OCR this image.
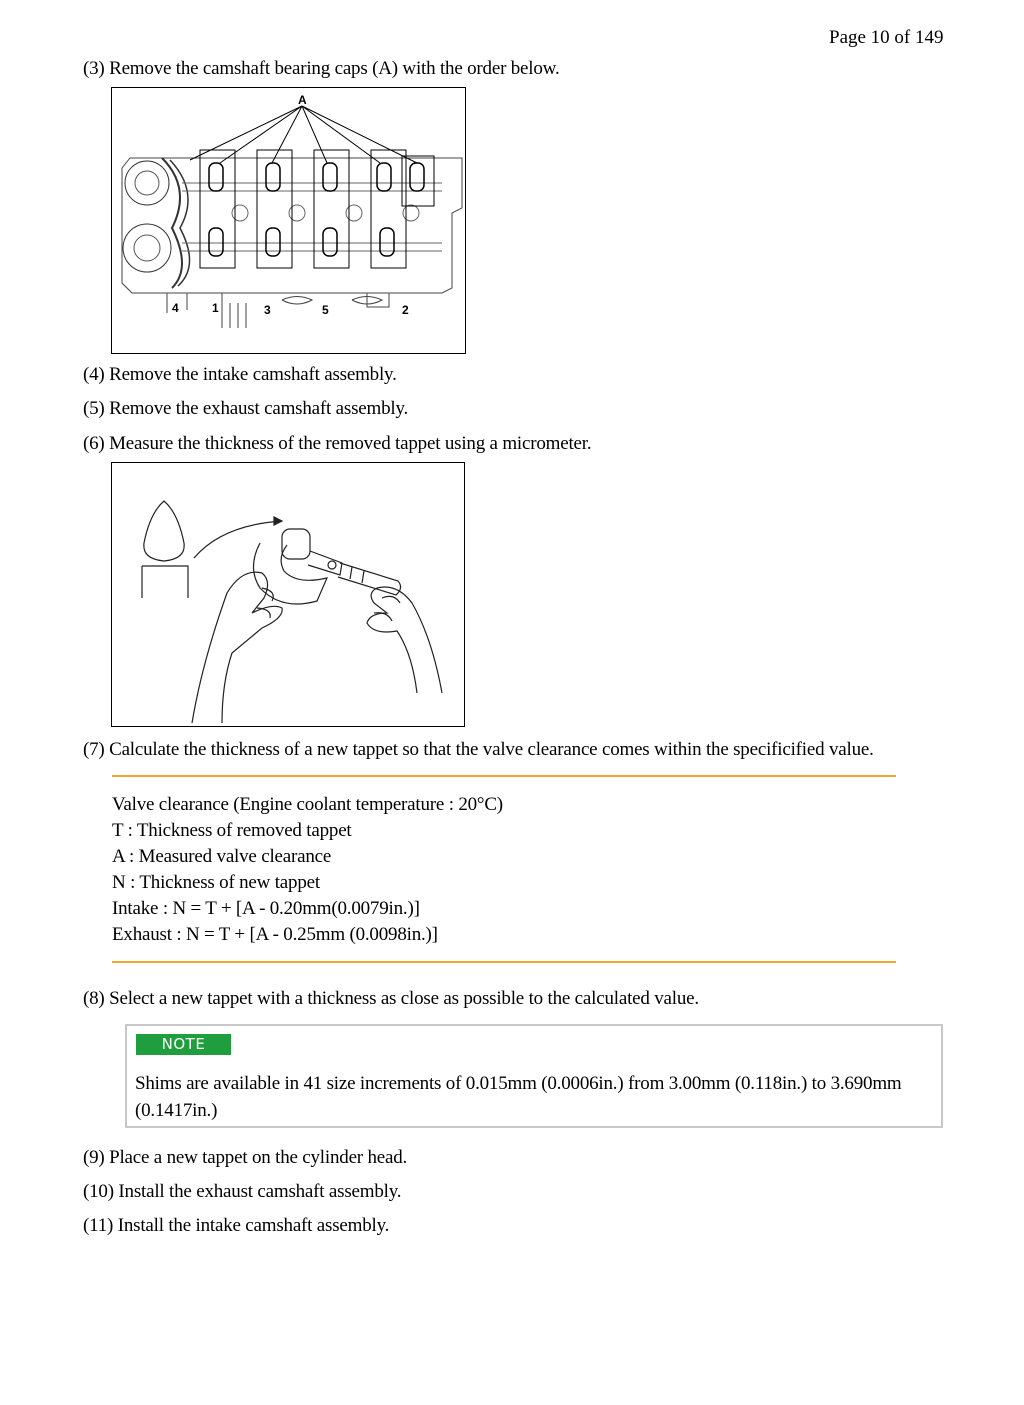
Page 10 of 149
(3) Remove the camshaft bearing caps (A) with the order below.
A
4	1	3	5	2
(4) Remove the intake camshaft assembly.
(5) Remove the exhaust camshaft assembly.
(6) Measure the thickness of the removed tappet using a micrometer.
(7) Calculate the thickness of a new tappet so that the valve clearance comes within the specificified value.
Valve clearance (Engine coolant temperature : 20°C)
T : Thickness of removed tappet
A : Measured valve clearance
N : Thickness of new tappet
Intake : N = T + [A - 0.20mm(0.0079in.)]
Exhaust : N = T + [A - 0.25mm (0.0098in.)]
(8) Select a new tappet with a thickness as close as possible to the calculated value.
NOTE
Shims are available in 41 size increments of 0.015mm (0.0006in.) from 3.00mm (0.118in.) to 3.690mm (0.1417in.)
(9) Place a new tappet on the cylinder head.
(10) Install the exhaust camshaft assembly.
(11) Install the intake camshaft assembly.
